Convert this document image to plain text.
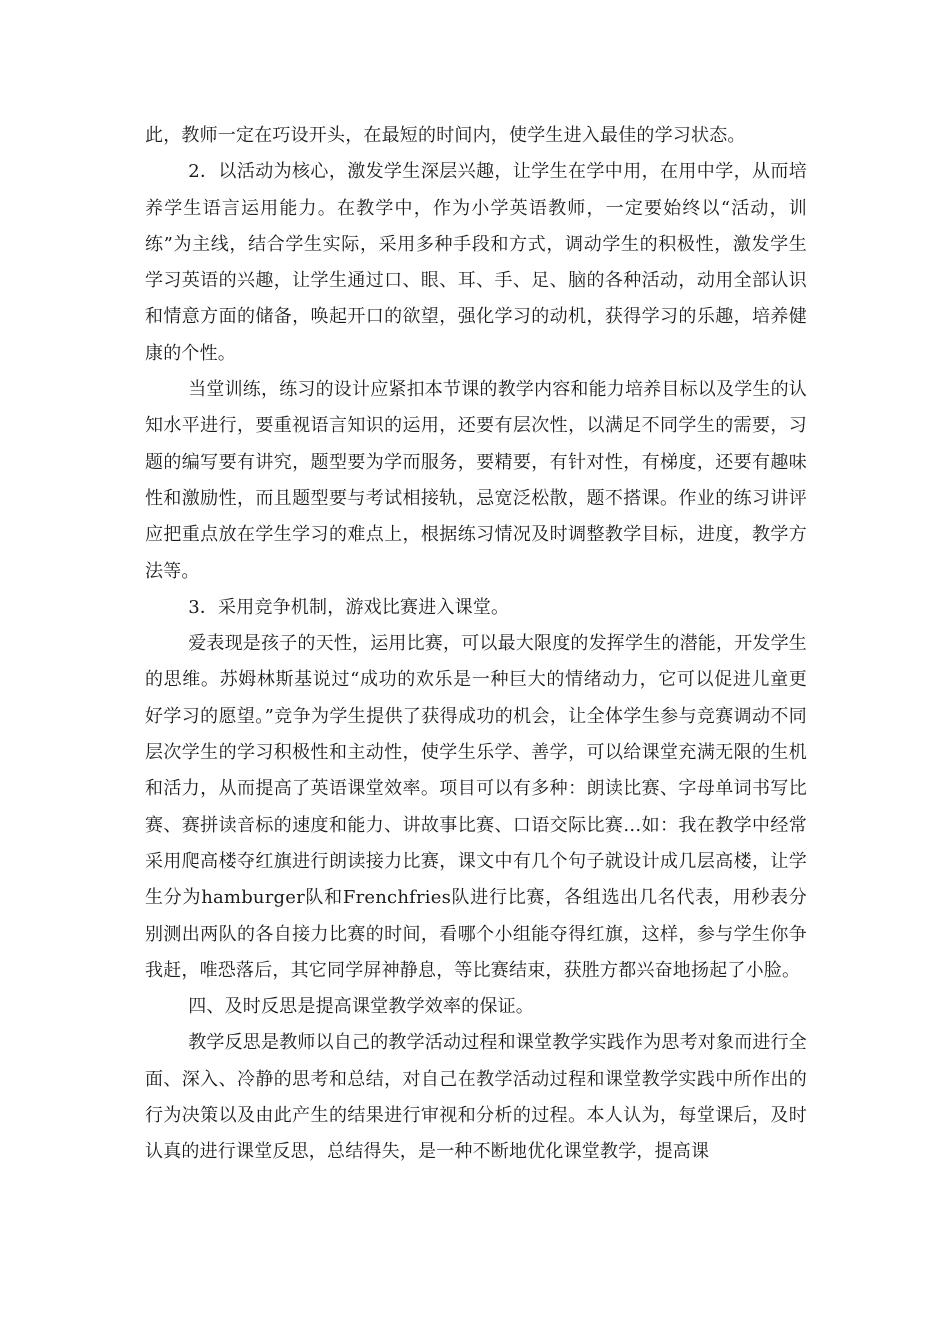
此，教师一定在巧设开头，在最短的时间内，使学生进入最佳的学习状态。

2．以活动为核心，激发学生深层兴趣，让学生在学中用，在用中学，从而培养学生语言运用能力。在教学中，作为小学英语教师，一定要始终以“活动，训练”为主线，结合学生实际，采用多种手段和方式，调动学生的积极性，激发学生学习英语的兴趣，让学生通过口、眼、耳、手、足、脑的各种活动，动用全部认识和情意方面的储备，唤起开口的欲望，强化学习的动机，获得学习的乐趣，培养健康的个性。

当堂训练，练习的设计应紧扣本节课的教学内容和能力培养目标以及学生的认知水平进行，要重视语言知识的运用，还要有层次性，以满足不同学生的需要，习题的编写要有讲究，题型要为学而服务，要精要，有针对性，有梯度，还要有趣味性和激励性，而且题型要与考试相接轨，忌宽泛松散，题不搭课。作业的练习讲评应把重点放在学生学习的难点上，根据练习情况及时调整教学目标，进度，教学方法等。

3．采用竞争机制，游戏比赛进入课堂。

爱表现是孩子的天性，运用比赛，可以最大限度的发挥学生的潜能，开发学生的思维。苏姆林斯基说过“成功的欢乐是一种巨大的情绪动力，它可以促进儿童更好学习的愿望。”竞争为学生提供了获得成功的机会，让全体学生参与竞赛调动不同层次学生的学习积极性和主动性，使学生乐学、善学，可以给课堂充满无限的生机和活力，从而提高了英语课堂效率。项目可以有多种：朗读比赛、字母单词书写比赛、赛拼读音标的速度和能力、讲故事比赛、口语交际比赛…如：我在教学中经常采用爬高楼夺红旗进行朗读接力比赛，课文中有几个句子就设计成几层高楼，让学生分为hamburger队和Frenchfries队进行比赛，各组选出几名代表，用秒表分别测出两队的各自接力比赛的时间，看哪个小组能夺得红旗，这样，参与学生你争我赶，唯恐落后，其它同学屏神静息，等比赛结束，获胜方都兴奋地扬起了小脸。

四、及时反思是提高课堂教学效率的保证。

教学反思是教师以自己的教学活动过程和课堂教学实践作为思考对象而进行全面、深入、冷静的思考和总结，对自己在教学活动过程和课堂教学实践中所作出的行为决策以及由此产生的结果进行审视和分析的过程。本人认为，每堂课后，及时认真的进行课堂反思，总结得失，是一种不断地优化课堂教学，提高课
